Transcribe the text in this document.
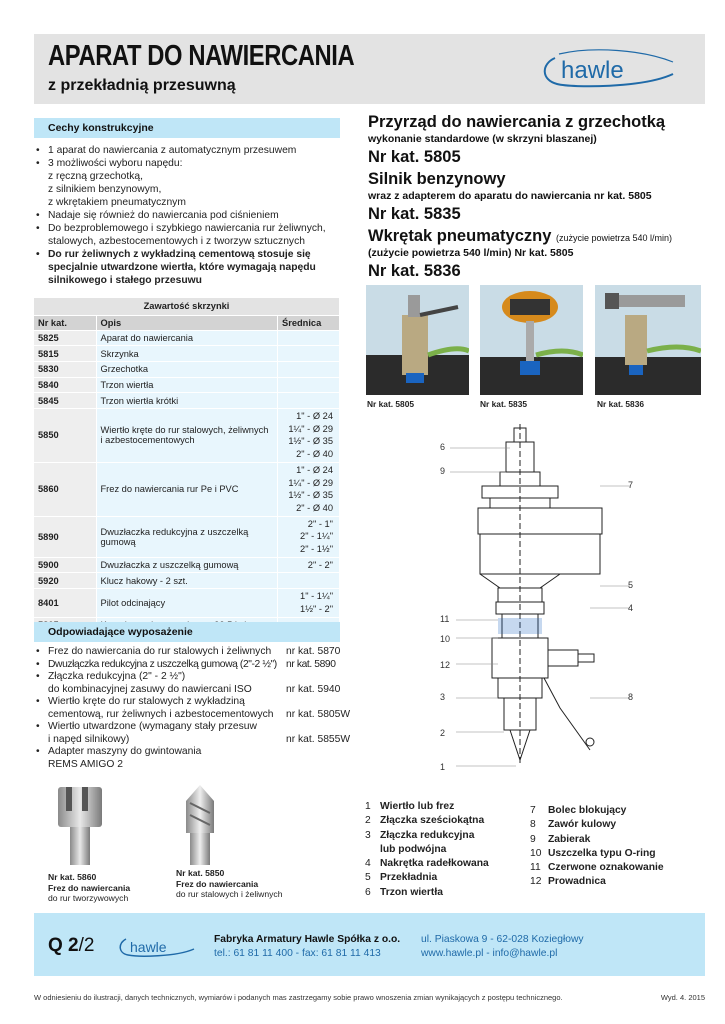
APARAT DO NAWIERCANIA
z przekładnią przesuwną
hawle
Cechy konstrukcyjne
• 1 aparat do nawiercania z automatycznym przesuwem
• 3 możliwości wyboru napędu:
z ręczną grzechotką,
z silnikiem benzynowym,
z wkrętakiem pneumatycznym
• Nadaje się również do nawiercania pod ciśnieniem
• Do bezproblemowego i szybkiego nawiercania rur żeliwnych,
stalowych, azbestocementowych i z tworzyw sztucznych
• Do rur żeliwnych z wykładziną cementową stosuje się
specjalnie utwardzone wiertła, które wymagają napędu
silnikowego i stałego przesuwu
Zawartość skrzynki		
Nr kat.	Opis	Średnica
5825	Aparat do nawiercania	
5815	Skrzynka	
5830	Grzechotka	
5840	Trzon wiertła	
5845	Trzon wiertła krótki	
5850	Wiertło kręte do rur stalowych, żeliwnych i azbestocementowych	1" - Ø 24
1¼" - Ø 29
1½" - Ø 35
2" - Ø 40

5860	Frez do nawiercania rur Pe i PVC	1" - Ø 24
1¼" - Ø 29
1½" - Ø 35
2" - Ø 40

5890	Dwuzłaczka redukcyjna z uszczelką gumową	2" - 1"
2" - 1¼"
2" - 1½"

5900	Dwuzłaczka z uszczelką gumową	2" - 2"

5920	Klucz hakowy - 2 szt.	
8401	Pilot odcinający	1" - 1¼"
1½" - 2"

Odpowiadające wyposażenie
• Frez do nawiercania do rur stalowych i żeliwnych nr kat. 5870
• Dwuzłączka redukcyjna z uszczelką gumową (2"-2 ½") nr kat. 5890
• Złączka redukcyjna (2" - 2 ½")
do kombinacyjnej zasuwy do nawiercani ISO	nr kat. 5940
• Wiertło kręte do rur stalowych z wykładziną
cementową, rur żeliwnych i azbestocementowych nr kat. 5805W
• Wiertło utwardzone (wymagany stały przesuw
i napęd silnikowy)	nr kat. 5855W
• Adapter maszyny do gwintowania
REMS AMIGO 2
Nr kat. 5860
Frez do nawiercania
do rur tworzywowych
Nr kat. 5850
Frez do nawiercania
do rur stalowych i żeliwnych
Przyrząd do nawiercania z grzechotką
wykonanie standardowe (w skrzyni blaszanej)
Nr kat. 5805
Silnik benzynowy
wraz z adapterem do aparatu do nawiercania nr kat. 5805
Nr kat. 5835
Wkrętak pneumatyczny (zużycie powietrza 540 l/min)
(zużycie powietrza 540 l/min) Nr kat. 5805
Nr kat. 5836
Nr kat. 5805	Nr kat. 5835	Nr kat. 5836
6
9
7
5
4
11
10
12
3	8
2
1
1 Wiertło lub frez
2 Złączka sześciokątna
3 Złączka redukcyjna
lub podwójna
4 Nakrętka radełkowana
5 Przekładnia
6 Trzon wiertła
7 Bolec blokujący
8 Zawór kulowy
9 Zabierak
10 Uszczelka typu O-ring
11 Czerwone oznakowanie
12 Prowadnica
Q 2/2	hawle	Fabryka Armatury Hawle Spółka z o.o.
tel.: 61 81 11 400 - fax: 61 81 11 413
ul. Piaskowa 9 - 62-028 Koziegłowy
www.hawle.pl - info@hawle.pl
W odniesieniu do ilustracji, danych technicznych, wymiarów i podanych mas zastrzegamy sobie prawo wnoszenia zmian wynikających z postępu technicznego.	Wyd. 4. 2015
